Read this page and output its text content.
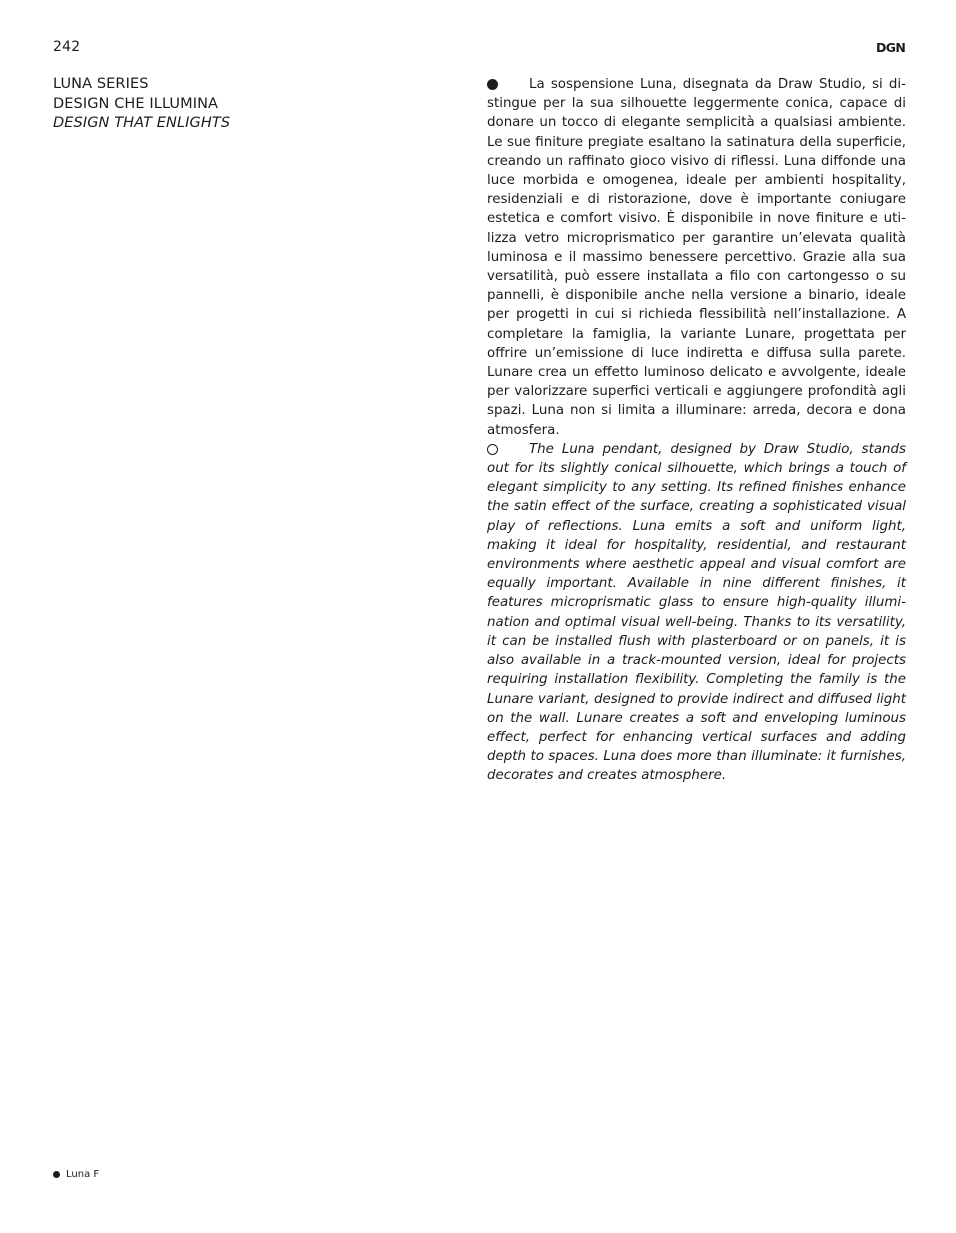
242	DGN
LUNA SERIES
DESIGN CHE ILLUMINA
DESIGN THAT ENLIGHTS

La sospensione Luna, disegnata da Draw Studio, si distingue per la sua silhouette leggermente conica, capace di donare un tocco di elegante semplicità a qualsiasi ambiente. Le sue finiture pregiate esaltano la satinatura della superficie, creando un raffinato gioco visivo di riflessi. Luna diffonde una luce morbida e omogenea, ideale per ambienti hospitality, residenziali e di ristorazione, dove è importante coniugare estetica e comfort visivo. È disponibile in nove finiture e utilizza vetro microprismatico per garantire un’elevata qualità luminosa e il massimo benessere percettivo. Grazie alla sua versatilità, può essere installata a filo con cartongesso o su pannelli, è disponibile anche nella versione a binario, ideale per progetti in cui si richieda flessibilità nell’installazione. A completare la famiglia, la variante Lunare, progettata per offrire un’emissione di luce indiretta e diffusa sulla parete. Lunare crea un effetto luminoso delicato e avvolgente, ideale per valorizzare superfici verticali e aggiungere profondità agli spazi. Luna non si limita a illuminare: arreda, decora e dona atmosfera.

The Luna pendant, designed by Draw Studio, stands out for its slightly conical silhouette, which brings a touch of elegant simplicity to any setting. Its refined finishes enhance the satin effect of the surface, creating a sophisticated visual play of reflections. Luna emits a soft and uniform light, making it ideal for hospitality, residential, and restaurant environments where aesthetic appeal and visual comfort are equally important. Available in nine different finishes, it features microprismatic glass to ensure high-quality illumination and optimal visual well-being. Thanks to its versatility, it can be installed flush with plasterboard or on panels, it is also available in a track-mounted version, ideal for projects requiring installation flexibility. Completing the family is the Lunare variant, designed to provide indirect and diffused light on the wall. Lunare creates a soft and enveloping luminous effect, perfect for enhancing vertical surfaces and adding depth to spaces. Luna does more than illuminate: it furnishes, decorates and creates atmosphere.

Luna F
